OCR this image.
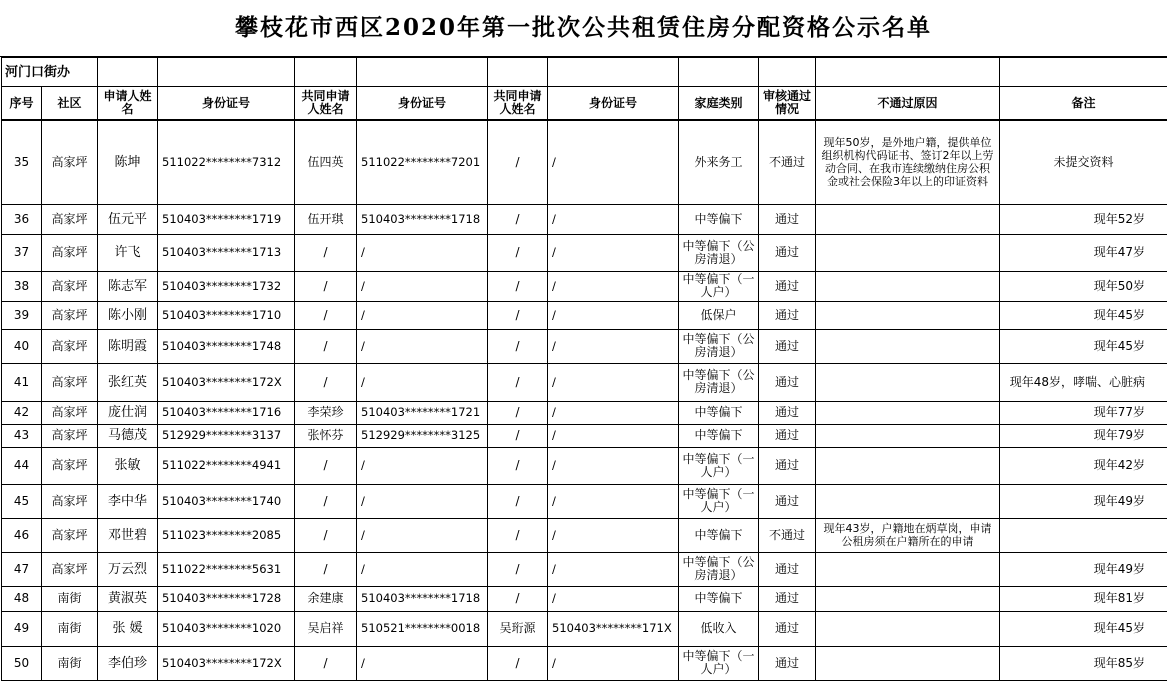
攀枝花市西区2020年第一批次公共租赁住房分配资格公示名单
河门口街办											
序号	社区	申请人姓名	身份证号	共同申请人姓名	身份证号	共同申请人姓名	身份证号	家庭类别	审核通过情况	不通过原因	备注
35	高家坪	陈坤	511022********7312	伍四英	511022********7201	/	/	外来务工	不通过	现年50岁，是外地户籍，提供单位组织机构代码证书、签订2年以上劳动合同、在我市连续缴纳住房公积金或社会保险3年以上的印证资料	未提交资料
36	高家坪	伍元平	510403********1719	伍开琪	510403********1718	/	/	中等偏下	通过		现年52岁
37	高家坪	许飞	510403********1713	/	/	/	/	中等偏下（公房清退）	通过		现年47岁
38	高家坪	陈志军	510403********1732	/	/	/	/	中等偏下（一人户）	通过		现年50岁
39	高家坪	陈小刚	510403********1710	/	/	/	/	低保户	通过		现年45岁
40	高家坪	陈明霞	510403********1748	/	/	/	/	中等偏下（公房清退）	通过		现年45岁
41	高家坪	张红英	510403********172X	/	/	/	/	中等偏下（公房清退）	通过		现年48岁，哮喘、心脏病
42	高家坪	庞仕润	510403********1716	李荣珍	510403********1721	/	/	中等偏下	通过		现年77岁
43	高家坪	马德茂	512929********3137	张怀芬	512929********3125	/	/	中等偏下	通过		现年79岁
44	高家坪	张敏	511022********4941	/	/	/	/	中等偏下（一人户）	通过		现年42岁
45	高家坪	李中华	510403********1740	/	/	/	/	中等偏下（一人户）	通过		现年49岁
46	高家坪	邓世碧	511023********2085	/	/	/	/	中等偏下	不通过	现年43岁，户籍地在炳草岗，申请公租房须在户籍所在的申请	
47	高家坪	万云烈	511022********5631	/	/	/	/	中等偏下（公房清退）	通过		现年49岁
48	南街	黄淑英	510403********1728	余建康	510403********1718	/	/	中等偏下	通过		现年81岁
49	南街	张 媛	510403********1020	吴启祥	510521********0018	吴珩源	510403********171X	低收入	通过		现年45岁
50	南街	李伯珍	510403********172X	/	/	/	/	中等偏下（一人户）	通过		现年85岁
